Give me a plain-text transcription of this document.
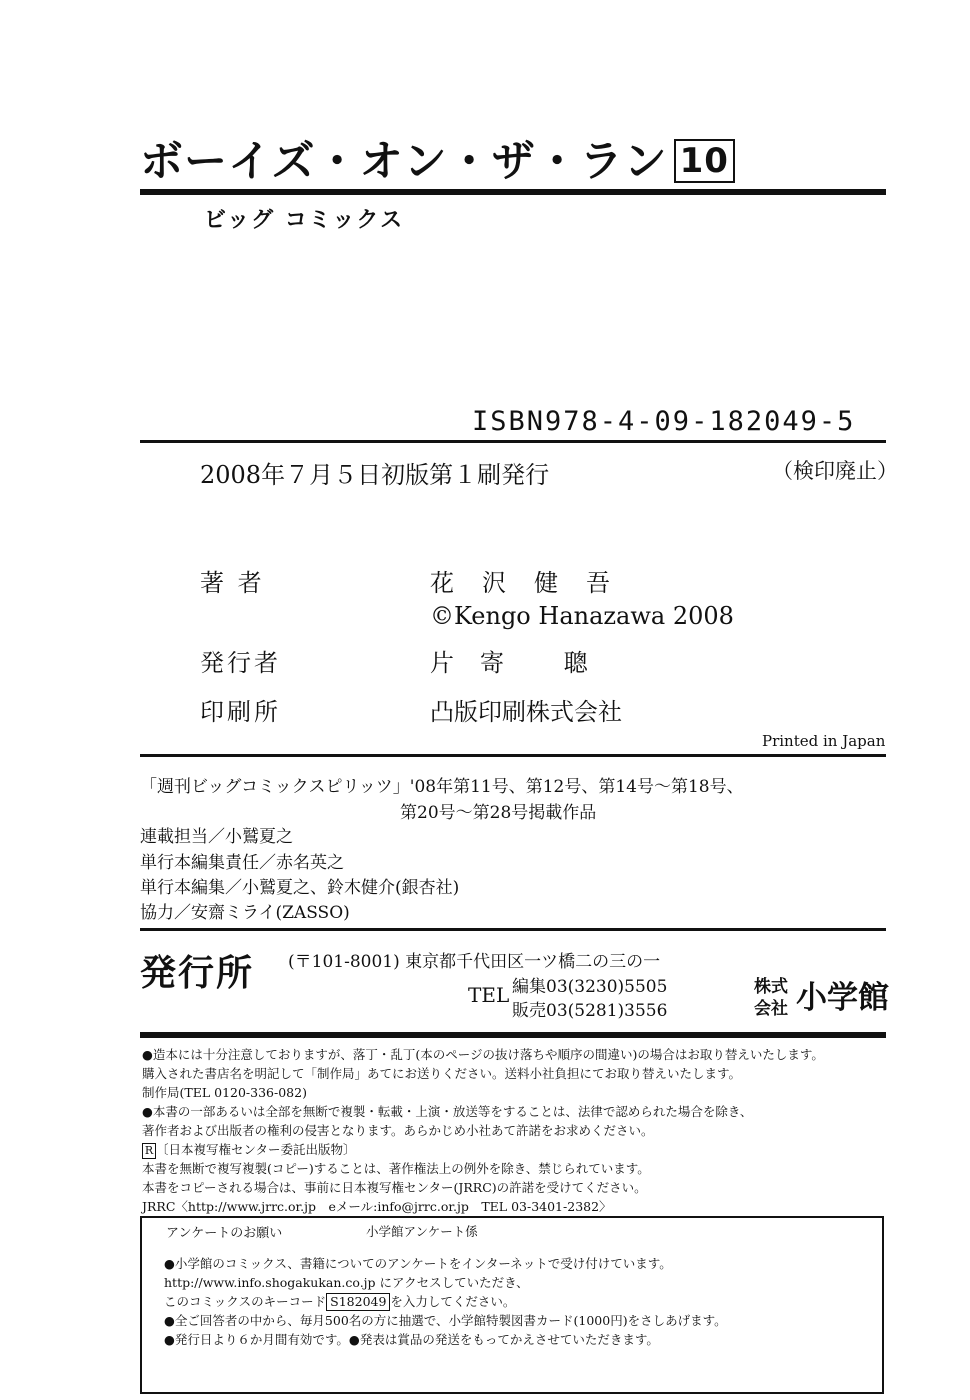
ボーイズ・オン・ザ・ラン 10
ビッグ コミックス
ISBN978-4-09-182049-5
2008年７月５日初版第１刷発行	（検印廃止）
著 者	花沢健吾
©Kengo Hanazawa 2008
発行者	片寄 聰
印刷所	凸版印刷株式会社
Printed in Japan
「週刊ビッグコミックスピリッツ」'08年第11号、第12号、第14号〜第18号、
第20号〜第28号掲載作品
連載担当／小鷲夏之
単行本編集責任／赤名英之
単行本編集／小鷲夏之、鈴木健介(銀杏社)
協力／安齋ミライ(ZASSO)
発行所 (〒101-8001) 東京都千代田区一ツ橋二の三の一
TEL 編集03(3230)5505
販売03(5281)3556
株式
会社 小学館
●造本には十分注意しておりますが、落丁・乱丁(本のページの抜け落ちや順序の間違い)の場合はお取り替えいたします。
購入された書店名を明記して「制作局」あてにお送りください。送料小社負担にてお取り替えいたします。
制作局(TEL 0120-336-082)
●本書の一部あるいは全部を無断で複製・転載・上演・放送等をすることは、法律で認められた場合を除き、
著作者および出版者の権利の侵害となります。あらかじめ小社あて許諾をお求めください。
R 〔日本複写権センター委託出版物〕
本書を無断で複写複製(コピー)することは、著作権法上の例外を除き、禁じられています。
本書をコピーされる場合は、事前に日本複写権センター(JRRC)の許諾を受けてください。
JRRC〈http://www.jrrc.or.jp　eメール:info@jrrc.or.jp　TEL 03-3401-2382〉
アンケートのお願い	小学館アンケート係
●小学館のコミックス、書籍についてのアンケートをインターネットで受け付けています。
http://www.info.shogakukan.co.jp にアクセスしていただき、
このコミックスのキーコード S182049 を入力してください。
●全ご回答者の中から、毎月500名の方に抽選で、小学館特製図書カード(1000円)をさしあげます。
●発行日より６か月間有効です。●発表は賞品の発送をもってかえさせていただきます。
